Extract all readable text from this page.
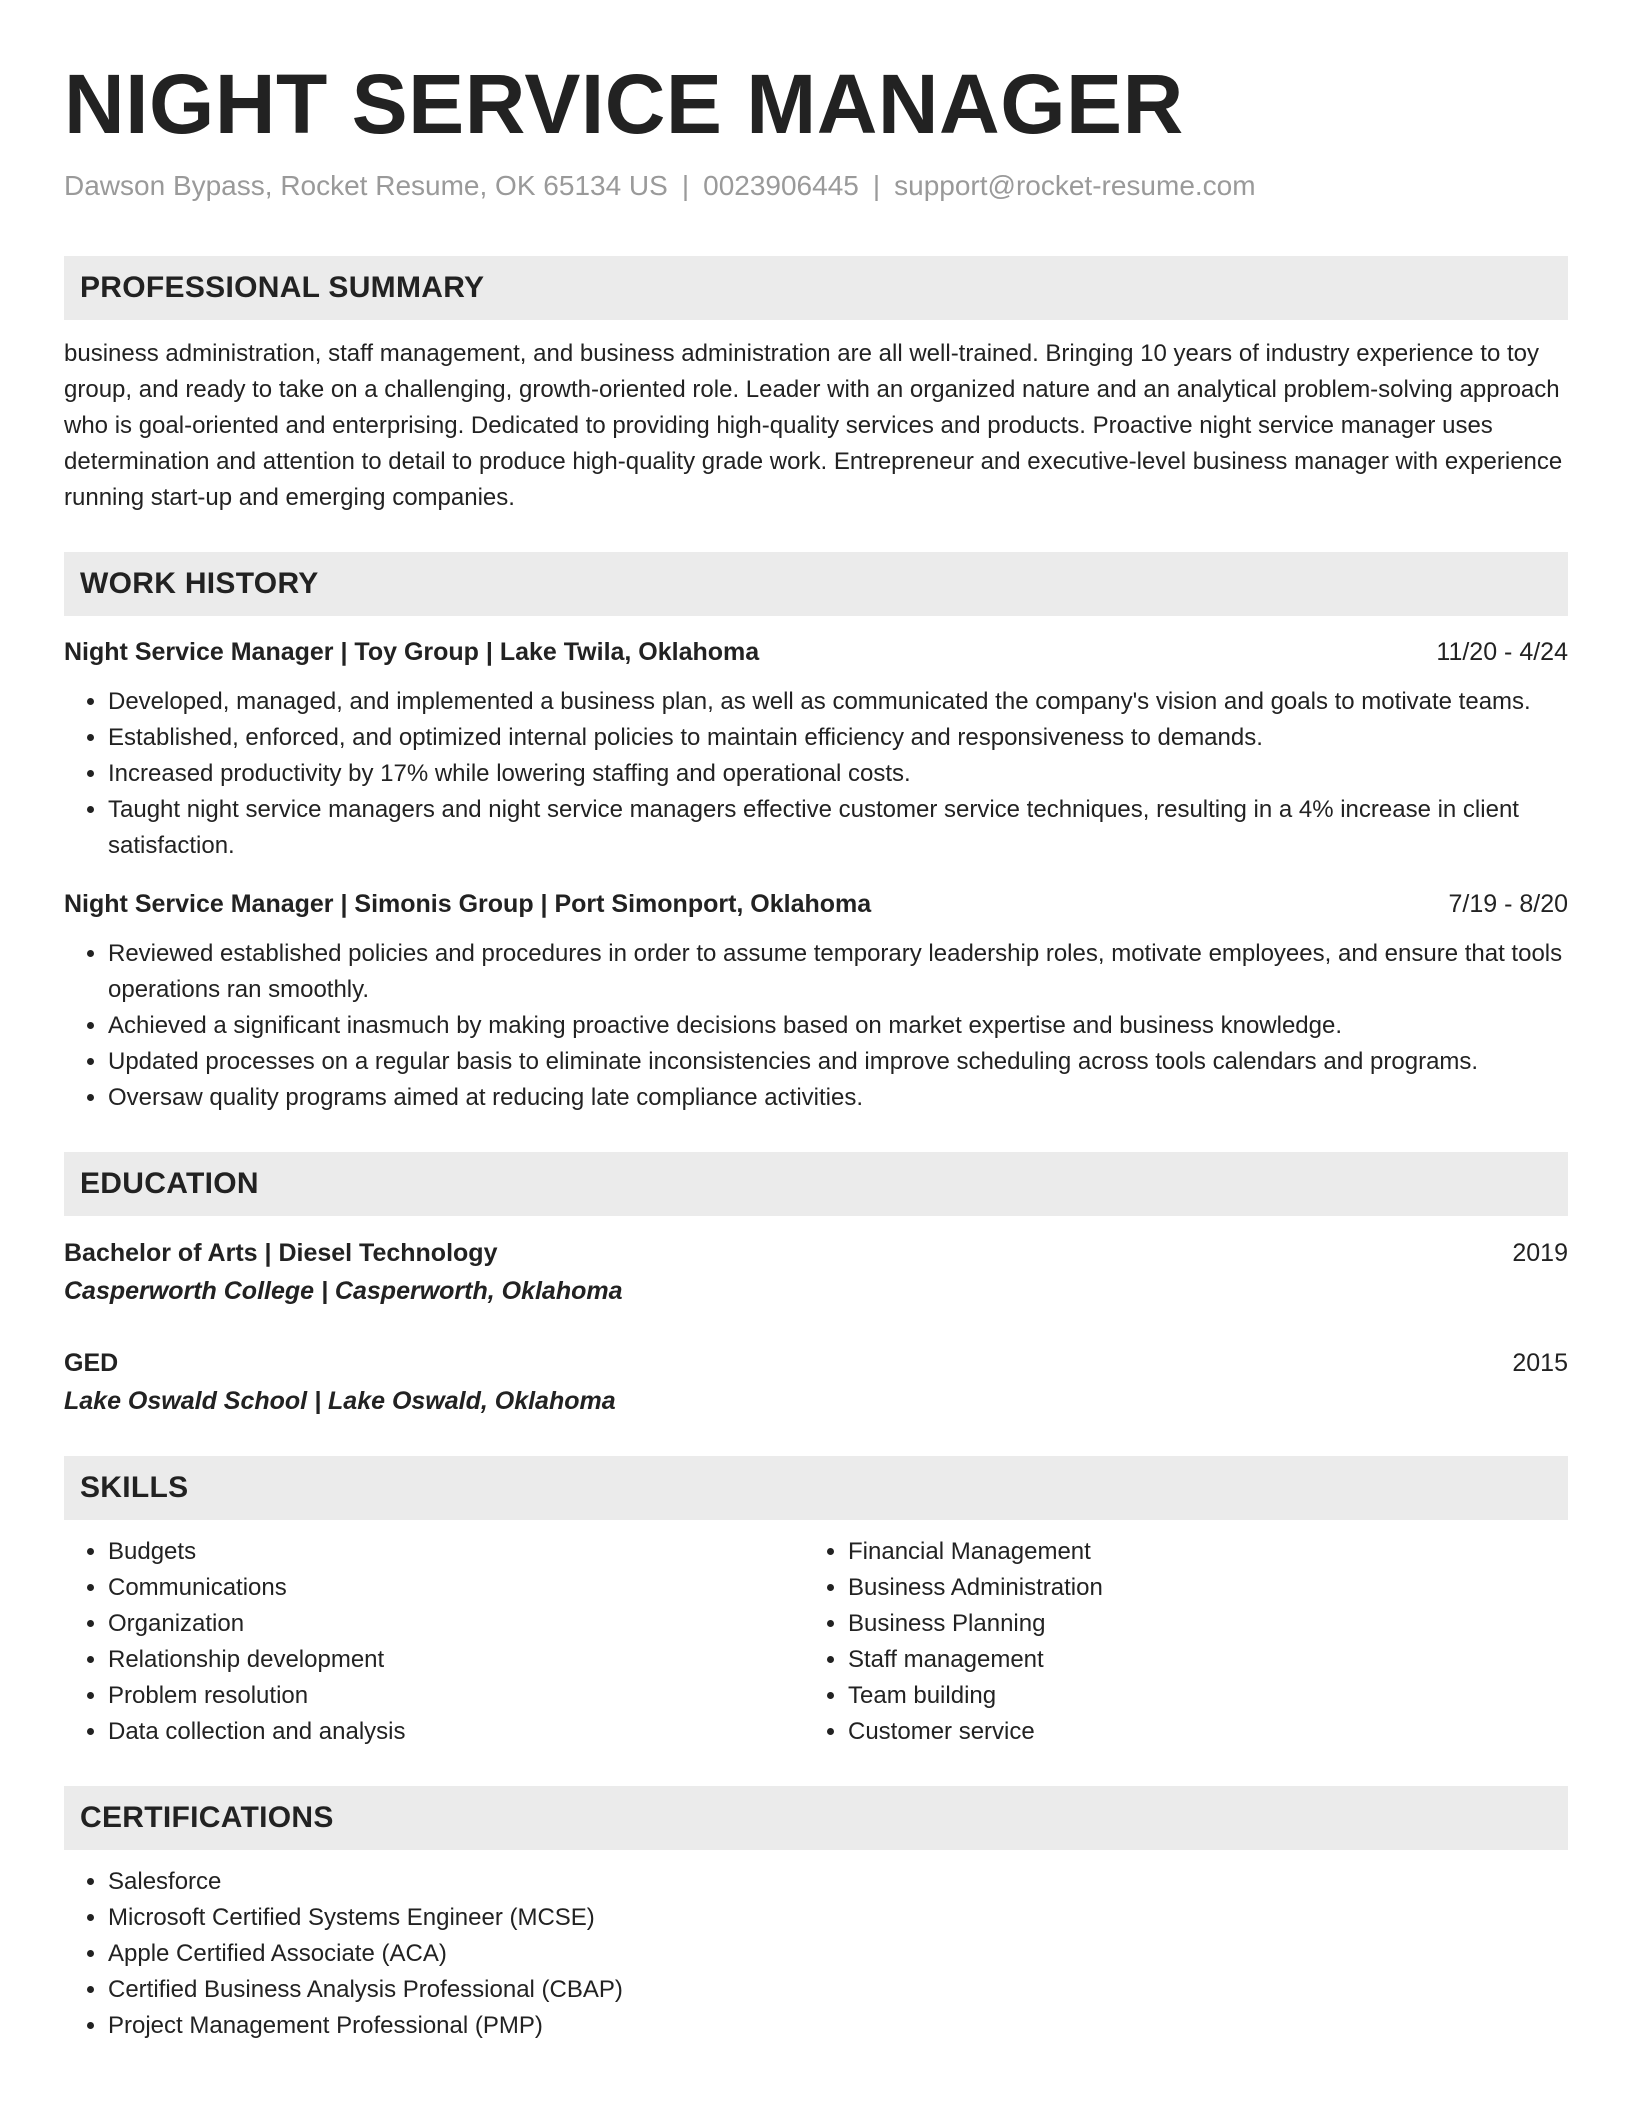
NIGHT SERVICE MANAGER
Dawson Bypass, Rocket Resume, OK 65134 US | 0023906445 | support@rocket-resume.com
PROFESSIONAL SUMMARY
business administration, staff management, and business administration are all well-trained. Bringing 10 years of industry experience to toy group, and ready to take on a challenging, growth-oriented role. Leader with an organized nature and an analytical problem-solving approach who is goal-oriented and enterprising. Dedicated to providing high-quality services and products. Proactive night service manager uses determination and attention to detail to produce high-quality grade work. Entrepreneur and executive-level business manager with experience running start-up and emerging companies.
WORK HISTORY
Night Service Manager | Toy Group | Lake Twila, Oklahoma	11/20 - 4/24
• Developed, managed, and implemented a business plan, as well as communicated the company's vision and goals to motivate teams.
• Established, enforced, and optimized internal policies to maintain efficiency and responsiveness to demands.
• Increased productivity by 17% while lowering staffing and operational costs.
• Taught night service managers and night service managers effective customer service techniques, resulting in a 4% increase in client satisfaction.
Night Service Manager | Simonis Group | Port Simonport, Oklahoma	7/19 - 8/20
• Reviewed established policies and procedures in order to assume temporary leadership roles, motivate employees, and ensure that tools operations ran smoothly.
• Achieved a significant inasmuch by making proactive decisions based on market expertise and business knowledge.
• Updated processes on a regular basis to eliminate inconsistencies and improve scheduling across tools calendars and programs.
• Oversaw quality programs aimed at reducing late compliance activities.
EDUCATION
Bachelor of Arts | Diesel Technology	2019
Casperworth College | Casperworth, Oklahoma
GED	2015
Lake Oswald School | Lake Oswald, Oklahoma
SKILLS
• Budgets
• Communications
• Organization
• Relationship development
• Problem resolution
• Data collection and analysis
• Financial Management
• Business Administration
• Business Planning
• Staff management
• Team building
• Customer service
CERTIFICATIONS
• Salesforce
• Microsoft Certified Systems Engineer (MCSE)
• Apple Certified Associate (ACA)
• Certified Business Analysis Professional (CBAP)
• Project Management Professional (PMP)
